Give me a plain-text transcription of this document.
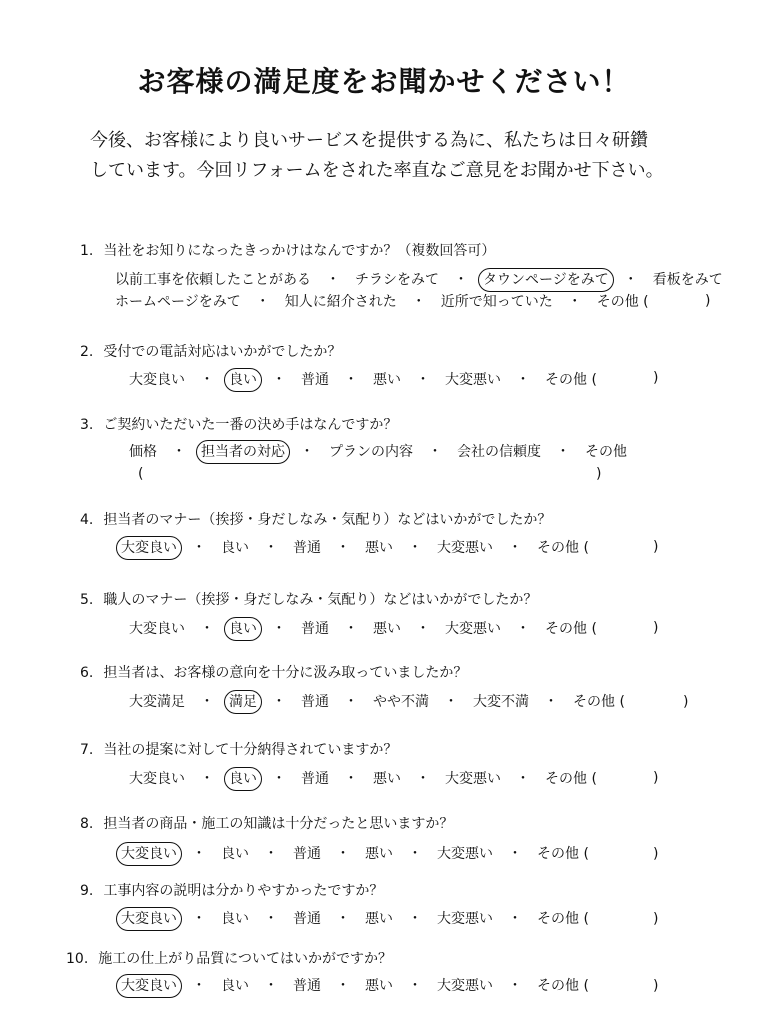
お客様の満足度をお聞かせください！

今後、お客様により良いサービスを提供する為に、私たちは日々研鑽

しています。今回リフォームをされた率直なご意見をお聞かせ下さい。

1. 当社をお知りになったきっかけはなんですか？（複数回答可）
以前工事を依頼したことがある ・ チラシをみて ・ タウンページをみて ・ 看板をみて
ホームページをみて ・ 知人に紹介された ・ 近所で知っていた ・ その他 (	)
2. 受付での電話対応はいかがでしたか？
大変良い ・ 良い ・ 普通 ・ 悪い ・ 大変悪い ・ その他 (	)
3. ご契約いただいた一番の決め手はなんですか？
価格 ・ 担当者の対応 ・ プランの内容 ・ 会社の信頼度 ・ その他
(	)
4. 担当者のマナー（挨拶・身だしなみ・気配り）などはいかがでしたか？
大変良い ・ 良い ・ 普通 ・ 悪い ・ 大変悪い ・ その他 (	)
5. 職人のマナー（挨拶・身だしなみ・気配り）などはいかがでしたか？
大変良い ・ 良い ・ 普通 ・ 悪い ・ 大変悪い ・ その他 (	)
6. 担当者は、お客様の意向を十分に汲み取っていましたか？
大変満足 ・ 満足 ・ 普通 ・ やや不満 ・ 大変不満 ・ その他 (	)
7. 当社の提案に対して十分納得されていますか？
大変良い ・ 良い ・ 普通 ・ 悪い ・ 大変悪い ・ その他 (	)
8. 担当者の商品・施工の知識は十分だったと思いますか？
大変良い ・ 良い ・ 普通 ・ 悪い ・ 大変悪い ・ その他 (	)
9. 工事内容の説明は分かりやすかったですか？
大変良い ・ 良い ・ 普通 ・ 悪い ・ 大変悪い ・ その他 (	)
10. 施工の仕上がり品質についてはいかがですか？
大変良い ・ 良い ・ 普通 ・ 悪い ・ 大変悪い ・ その他 (	)
